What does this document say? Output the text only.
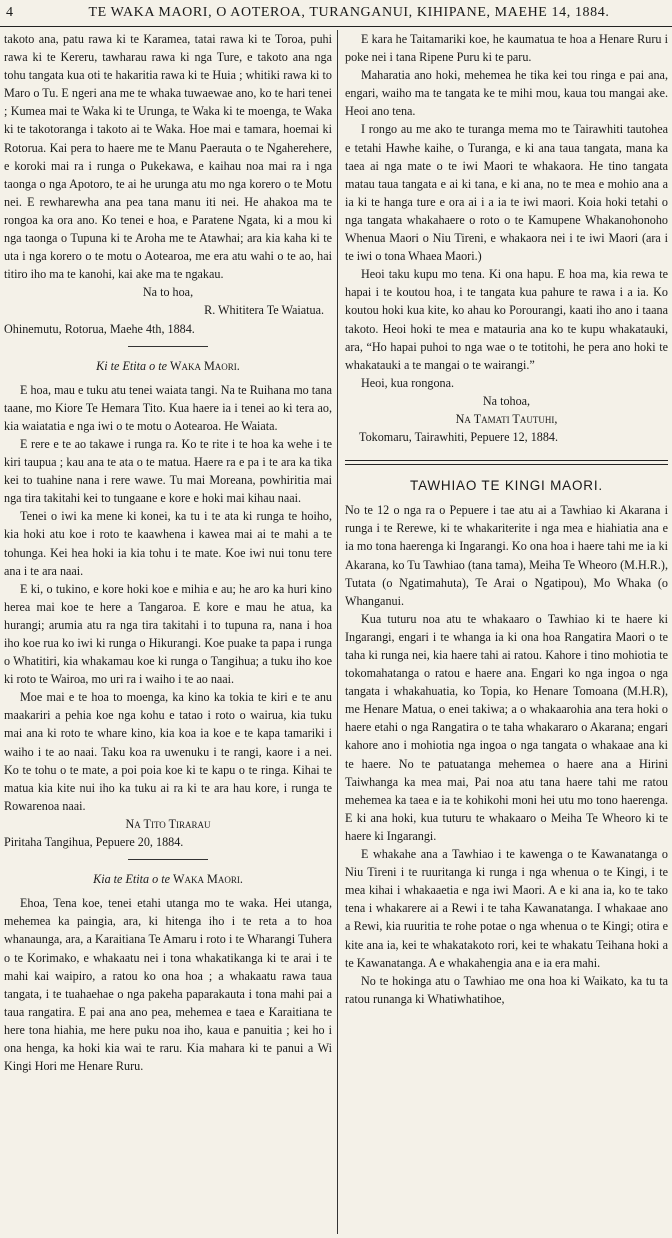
4	TE WAKA MAORI, O AOTEROA, TURANGANUI, KIHIPANE, MAEHE 14, 1884.

takoto ana, patu rawa ki te Karamea, tatai rawa ki te Toroa, puhi rawa ki te Kereru, tawharau rawa ki nga Ture, e takoto ana nga tohu tangata kua oti te hakaritia rawa ki te Huia ; whitiki rawa ki to Maro o Tu. E ngeri ana me te whaka tuwaewae ano, ko te hari tenei ; Kumea mai te Waka ki te Urunga, te Waka ki te moenga, te Waka ki te takotoranga i takoto ai te Waka. Hoe mai e tamara, hoemai ki Rotorua. Kai pera to haere me te Manu Paerauta o te Ngaherehere, e koroki mai ra i runga o Pukekawa, e kaihau noa mai ra i nga taonga o nga Apotoro, te ai he urunga atu mo nga korero o te Motu nei. E rewharewha ana pea tana manu iti nei. He ahakoa ma te rongoa ka ora ano. Ko tenei e hoa, e Paratene Ngata, ki a mou ki nga taonga o Tupuna ki te Aroha me te Atawhai; ara kia kaha ki te uta i nga korero o te motu o Aotearoa, me era atu wahi o te ao, hai titiro iho ma te kanohi, kai ake ma te ngakau.

Na to hoa,

R. Whititera Te Waiatua.

Ohinemutu, Rotorua, Maehe 4th, 1884.

Ki te Etita o te Waka Maori.

E hoa, mau e tuku atu tenei waiata tangi. Na te Ruihana mo tana taane, mo Kiore Te Hemara Tito. Kua haere ia i tenei ao ki tera ao, kia waiatatia e nga iwi o te motu o Aotearoa. He Waiata.

E rere e te ao takawe i runga ra. Ko te rite i te hoa ka wehe i te kiri taupua ; kau ana te ata o te matua. Haere ra e pa i te ara ka tika kei to tuahine nana i rere wawe. Tu mai Moreana, powhiritia mai nga tira takitahi kei to tungaane e kore e hoki mai kihau naai.

Tenei o iwi ka mene ki konei, ka tu i te ata ki runga te hoiho, kia hoki atu koe i roto te kaawhena i kawea mai ai te mahi a te tohunga. Kei hea hoki ia kia tohu i te mate. Koe iwi nui tonu tere ana i te ara naai.

E ki, o tukino, e kore hoki koe e mihia e au; he aro ka huri kino herea mai koe te here a Tangaroa. E kore e mau he atua, ka hurangi; arumia atu ra nga tira takitahi i to tupuna ra, nana i hoa iho koe rua ko iwi ki runga o Hikurangi. Koe puake ta papa i runga o Whatitiri, kia whakamau koe ki runga o Tangihua; a tuku iho koe ki roto te Wairoa, mo uri ra i waiho i te ao naai.

Moe mai e te hoa to moenga, ka kino ka tokia te kiri e te anu maakariri a pehia koe nga kohu e tatao i roto o wairua, kia tuku mai ana ki roto te whare kino, kia koa ia koe e te kapa tamariki i waiho i te ao naai. Taku koa ra uwenuku i te rangi, kaore i a nei. Ko te tohu o te mate, a poi poia koe ki te kapu o te ringa. Kihai te matua kia kite nui iho ka tuku ai ra ki te ara hau kore, i runga te Rowarenoa naai.

Na Tito Tirarau

Piritaha Tangihua, Pepuere 20, 1884.

Kia te Etita o te Waka Maori.

Ehoa, Tena koe, tenei etahi utanga mo te waka. Hei utanga, mehemea ka paingia, ara, ki hitenga iho i te reta a to hoa whanaunga, ara, a Karaitiana Te Amaru i roto i te Wharangi Tuhera o te Korimako, e whakaatu nei i tona whakatikanga ki te arai i te mahi kai waipiro, a ratou ko ona hoa ; a whakaatu rawa taua tangata, i te tuahaehae o nga pakeha paparakauta i tona mahi pai a taua rangatira. E pai ana ano pea, mehemea e taea e Karaitiana te here tona hiahia, me here puku noa iho, kaua e panuitia ; kei ho i ona henga, ka hoki kia wai te raru. Kia mahara ki te panui a Wi Kingi Hori me Henare Ruru.

E kara he Taitamariki koe, he kaumatua te hoa a Henare Ruru i poke nei i tana Ripene Puru ki te paru.

Maharatia ano hoki, mehemea he tika kei tou ringa e pai ana, engari, waiho ma te tangata ke te mihi mou, kaua tou mangai ake. Heoi ano tena.

I rongo au me ako te turanga mema mo te Tairawhiti tautohea e tetahi Hawhe kaihe, o Turanga, e ki ana taua tangata, mana ka taea ai nga mate o te iwi Maori te whakaora. He tino tangata matau taua tangata e ai ki tana, e ki ana, no te mea e mohio ana a ia ki te hanga ture e ora ai i a ia te iwi maori. Koia hoki tetahi o nga tangata whakahaere o roto o te Kamupene Whakanohonoho Whenua Maori o Niu Tireni, e whakaora nei i te iwi Maori (ara i te iwi o tona Whaea Maori.)

Heoi taku kupu mo tena. Ki ona hapu. E hoa ma, kia rewa te hapai i te koutou hoa, i te tangata kua pahure te rawa i a ia. Ko koutou hoki kua kite, ko ahau ko Porourangi, kaati iho ano i taana takoto. Heoi hoki te mea e matauria ana ko te kupu whakatauki, ara, “Ho hapai puhoi to nga wae o te totitohi, he pera ano hoki te whakatauki a te mangai o te wairangi.”

Heoi, kua rongona.

Na tohoa,

Na Tamati Tautuhi,

Tokomaru, Tairawhiti, Pepuere 12, 1884.

TAWHIAO TE KINGI MAORI.

No te 12 o nga ra o Pepuere i tae atu ai a Tawhiao ki Akarana i runga i te Rerewe, ki te whakariterite i nga mea e hiahiatia ana e ia mo tona haerenga ki Ingarangi. Ko ona hoa i haere tahi me ia ki Akarana, ko Tu Tawhiao (tana tama), Meiha Te Wheoro (M.H.R.), Tutata (o Ngatimahuta), Te Arai o Ngatipou), Mo Whaka (o Whanganui.

Kua tuturu noa atu te whakaaro o Tawhiao ki te haere ki Ingarangi, engari i te whanga ia ki ona hoa Rangatira Maori o te taha ki runga nei, kia haere tahi ai ratou. Kahore i tino mohiotia te tokomahatanga o ratou e haere ana. Engari ko nga ingoa o nga tangata i whakahuatia, ko Topia, ko Henare Tomoana (M.H.R), me Henare Matua, o enei takiwa; a o whakaarohia ana tera hoki o haere etahi o nga Rangatira o te taha whakararo o Akarana; engari kahore ano i mohiotia nga ingoa o nga tangata o whakaae ana ki te haere. No te patuatanga mehemea o haere ana a Hirini Taiwhanga ka mea mai, Pai noa atu tana haere tahi me ratou mehemea ka taea e ia te kohikohi moni hei utu mo tono haerenga. E ki ana hoki, kua tuturu te whakaaro o Meiha Te Wheoro ki te haere ki Ingarangi.

E whakahe ana a Tawhiao i te kawenga o te Kawanatanga o Niu Tireni i te ruuritanga ki runga i nga whenua o te Kingi, i te mea kihai i whakaaetia e nga iwi Maori. A e ki ana ia, ko te tako tena i whakarere ai a Rewi i te taha Kawanatanga. I whakaae ano a Rewi, kia ruuritia te rohe potae o nga whenua o te Kingi; otira e kite ana ia, kei te whakatakoto rori, kei te whakatu Teihana hoki a te Kawanatanga. A e whakahengia ana e ia era mahi.

No te hokinga atu o Tawhiao me ona hoa ki Waikato, ka tu ta ratou runanga ki Whatiwhatihoe,
